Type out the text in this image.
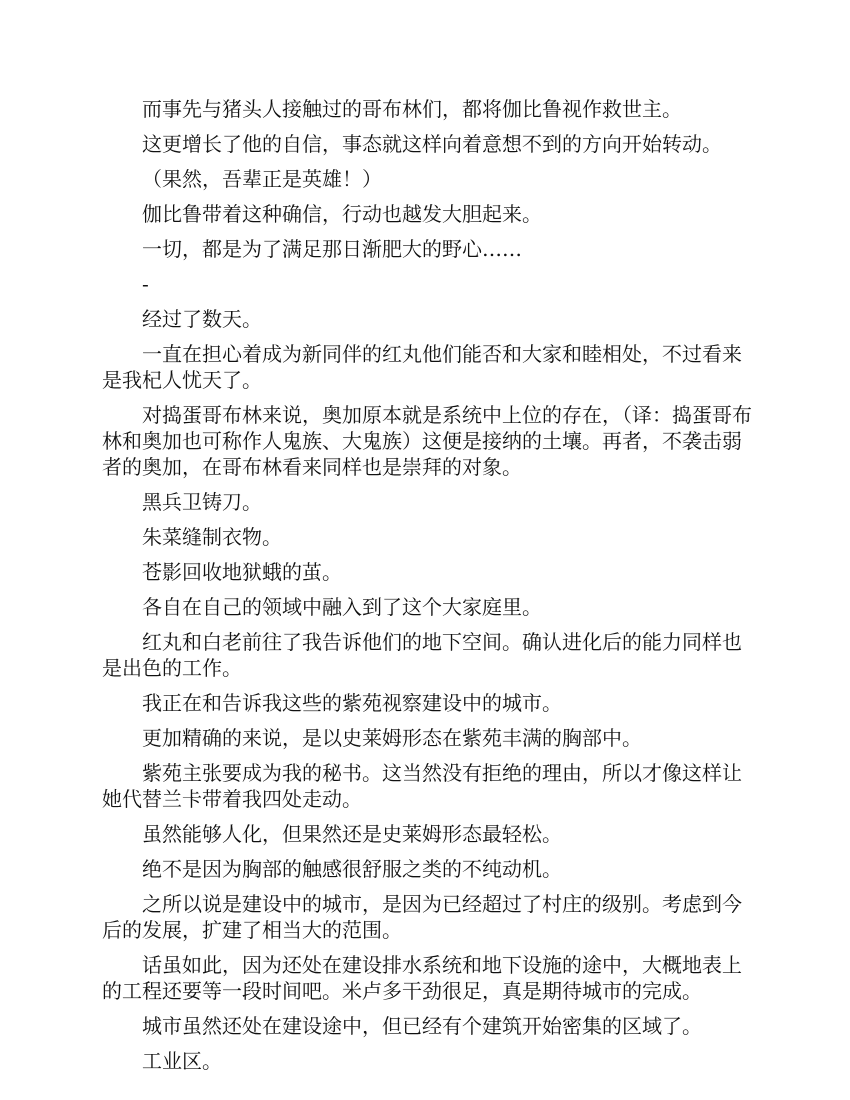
而事先与猪头人接触过的哥布林们，都将伽比鲁视作救世主。

这更增长了他的自信，事态就这样向着意想不到的方向开始转动。

（果然，吾辈正是英雄！）

伽比鲁带着这种确信，行动也越发大胆起来。

一切，都是为了满足那日渐肥大的野心……

-

经过了数天。

一直在担心着成为新同伴的红丸他们能否和大家和睦相处，不过看来是我杞人忧天了。

对捣蛋哥布林来说，奥加原本就是系统中上位的存在，（译：捣蛋哥布林和奥加也可称作人鬼族、大鬼族）这便是接纳的土壤。再者，不袭击弱者的奥加，在哥布林看来同样也是崇拜的对象。

黑兵卫铸刀。

朱菜缝制衣物。

苍影回收地狱蛾的茧。

各自在自己的领域中融入到了这个大家庭里。

红丸和白老前往了我告诉他们的地下空间。确认进化后的能力同样也是出色的工作。

我正在和告诉我这些的紫苑视察建设中的城市。

更加精确的来说，是以史莱姆形态在紫苑丰满的胸部中。

紫苑主张要成为我的秘书。这当然没有拒绝的理由，所以才像这样让她代替兰卡带着我四处走动。

虽然能够人化，但果然还是史莱姆形态最轻松。

绝不是因为胸部的触感很舒服之类的不纯动机。

之所以说是建设中的城市，是因为已经超过了村庄的级别。考虑到今后的发展，扩建了相当大的范围。

话虽如此，因为还处在建设排水系统和地下设施的途中，大概地表上的工程还要等一段时间吧。米卢多干劲很足，真是期待城市的完成。

城市虽然还处在建设途中，但已经有个建筑开始密集的区域了。

工业区。
